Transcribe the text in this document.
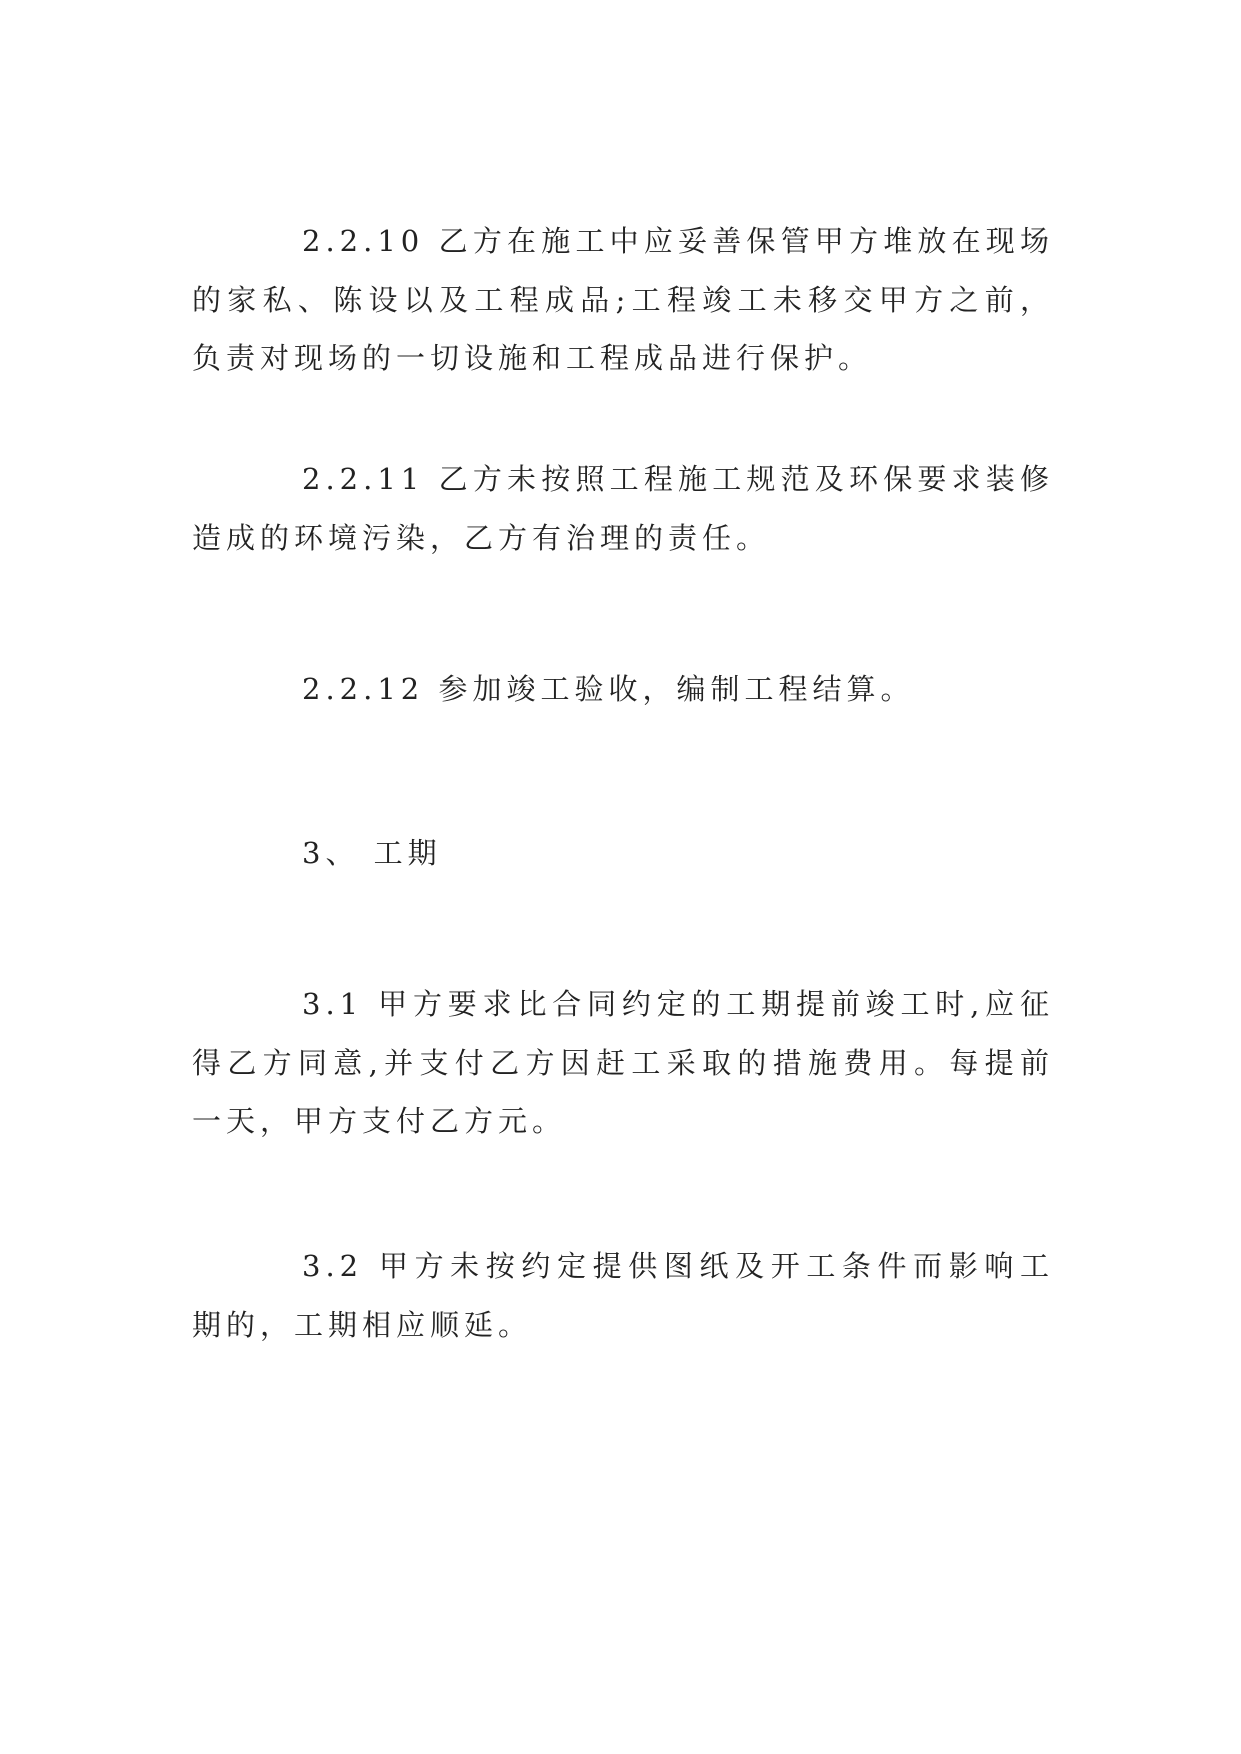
2.2.10 乙方在施工中应妥善保管甲方堆放在现场的家私、陈设以及工程成品;工程竣工未移交甲方之前，负责对现场的一切设施和工程成品进行保护。

2.2.11 乙方未按照工程施工规范及环保要求装修造成的环境污染，乙方有治理的责任。

2.2.12 参加竣工验收，编制工程结算。

3、 工期

3.1 甲方要求比合同约定的工期提前竣工时,应征得乙方同意,并支付乙方因赶工采取的措施费用。每提前一天，甲方支付乙方元。

3.2 甲方未按约定提供图纸及开工条件而影响工期的，工期相应顺延。
